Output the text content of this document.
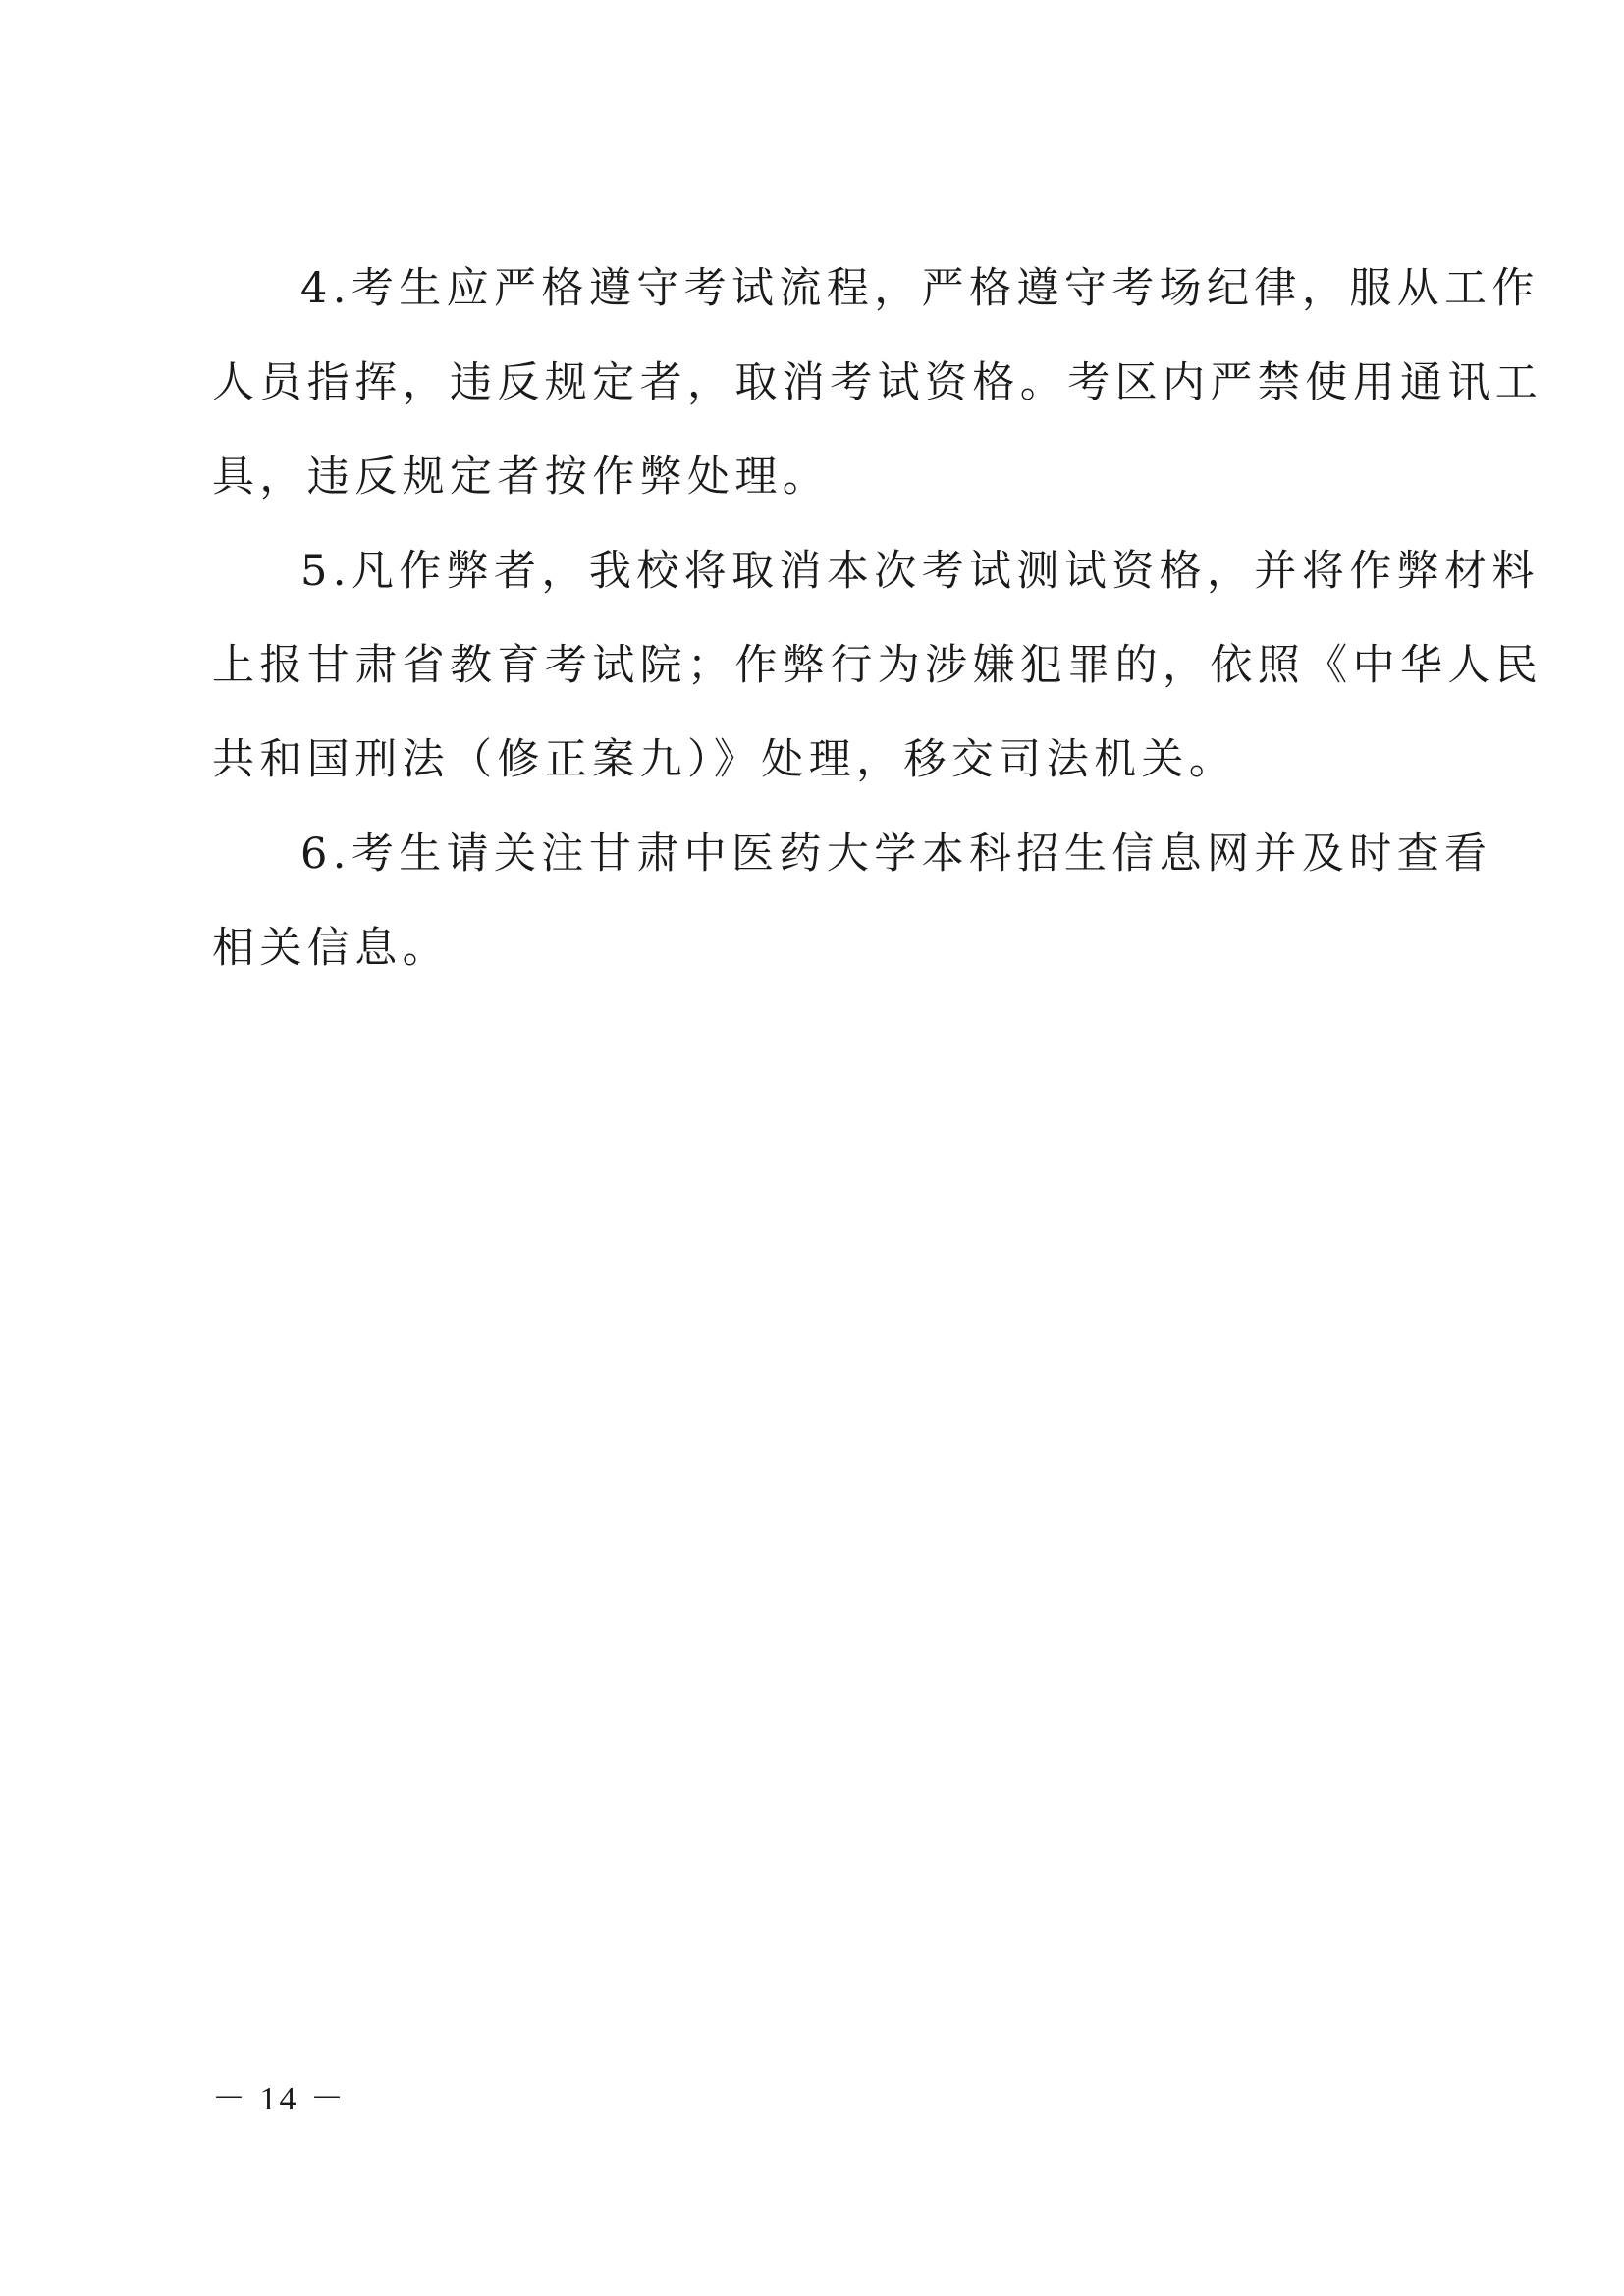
4.考生应严格遵守考试流程，严格遵守考场纪律，服从工作
人员指挥，违反规定者，取消考试资格。考区内严禁使用通讯工
具，违反规定者按作弊处理。

5.凡作弊者，我校将取消本次考试测试资格，并将作弊材料
上报甘肃省教育考试院；作弊行为涉嫌犯罪的，依照《中华人民
共和国刑法（修正案九）》处理，移交司法机关。

6.考生请关注甘肃中医药大学本科招生信息网并及时查看
相关信息。

－ 14 －
